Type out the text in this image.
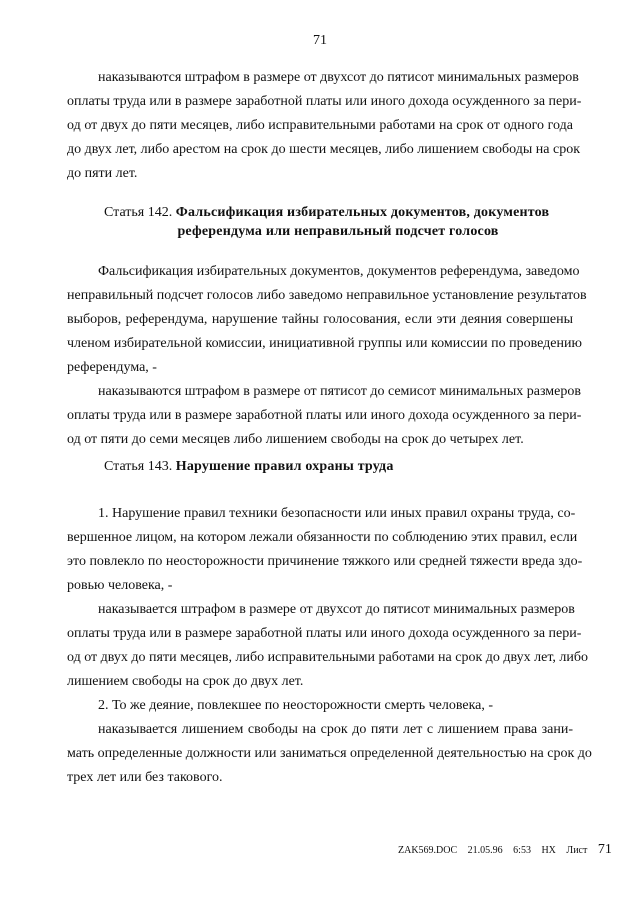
71
наказываются штрафом в размере от двухсот до пятисот минимальных размеров
оплаты труда или в размере заработной платы или иного дохода осужденного за пери-
од от двух до пяти месяцев, либо исправительными работами на срок от одного года
до двух лет, либо арестом на срок до шести месяцев, либо лишением свободы на срок
до пяти лет.
Статья 142. Фальсификация избирательных документов, документов
референдума или неправильный подсчет голосов
Фальсификация избирательных документов, документов референдума, заведомо
неправильный подсчет голосов либо заведомо неправильное установление результатов
выборов, референдума, нарушение тайны голосования, если эти деяния совершены
членом избирательной комиссии, инициативной группы или комиссии по проведению
референдума, -
наказываются штрафом в размере от пятисот до семисот минимальных размеров
оплаты труда или в размере заработной платы или иного дохода осужденного за пери-
од от пяти до семи месяцев либо лишением свободы на срок до четырех лет.
Статья 143. Нарушение правил охраны труда
1. Нарушение правил техники безопасности или иных правил охраны труда, со-
вершенное лицом, на котором лежали обязанности по соблюдению этих правил, если
это повлекло по неосторожности причинение тяжкого или средней тяжести вреда здо-
ровью человека, -
наказывается штрафом в размере от двухсот до пятисот минимальных размеров
оплаты труда или в размере заработной платы или иного дохода осужденного за пери-
од от двух до пяти месяцев, либо исправительными работами на срок до двух лет, либо
лишением свободы на срок до двух лет.
2. То же деяние, повлекшее по неосторожности смерть человека, -
наказывается лишением свободы на срок до пяти лет с лишением права зани-
мать определенные должности или заниматься определенной деятельностью на срок до
трех лет или без такового.
ZAK569.DOC 21.05.96 6:53 НХ Лист 71
